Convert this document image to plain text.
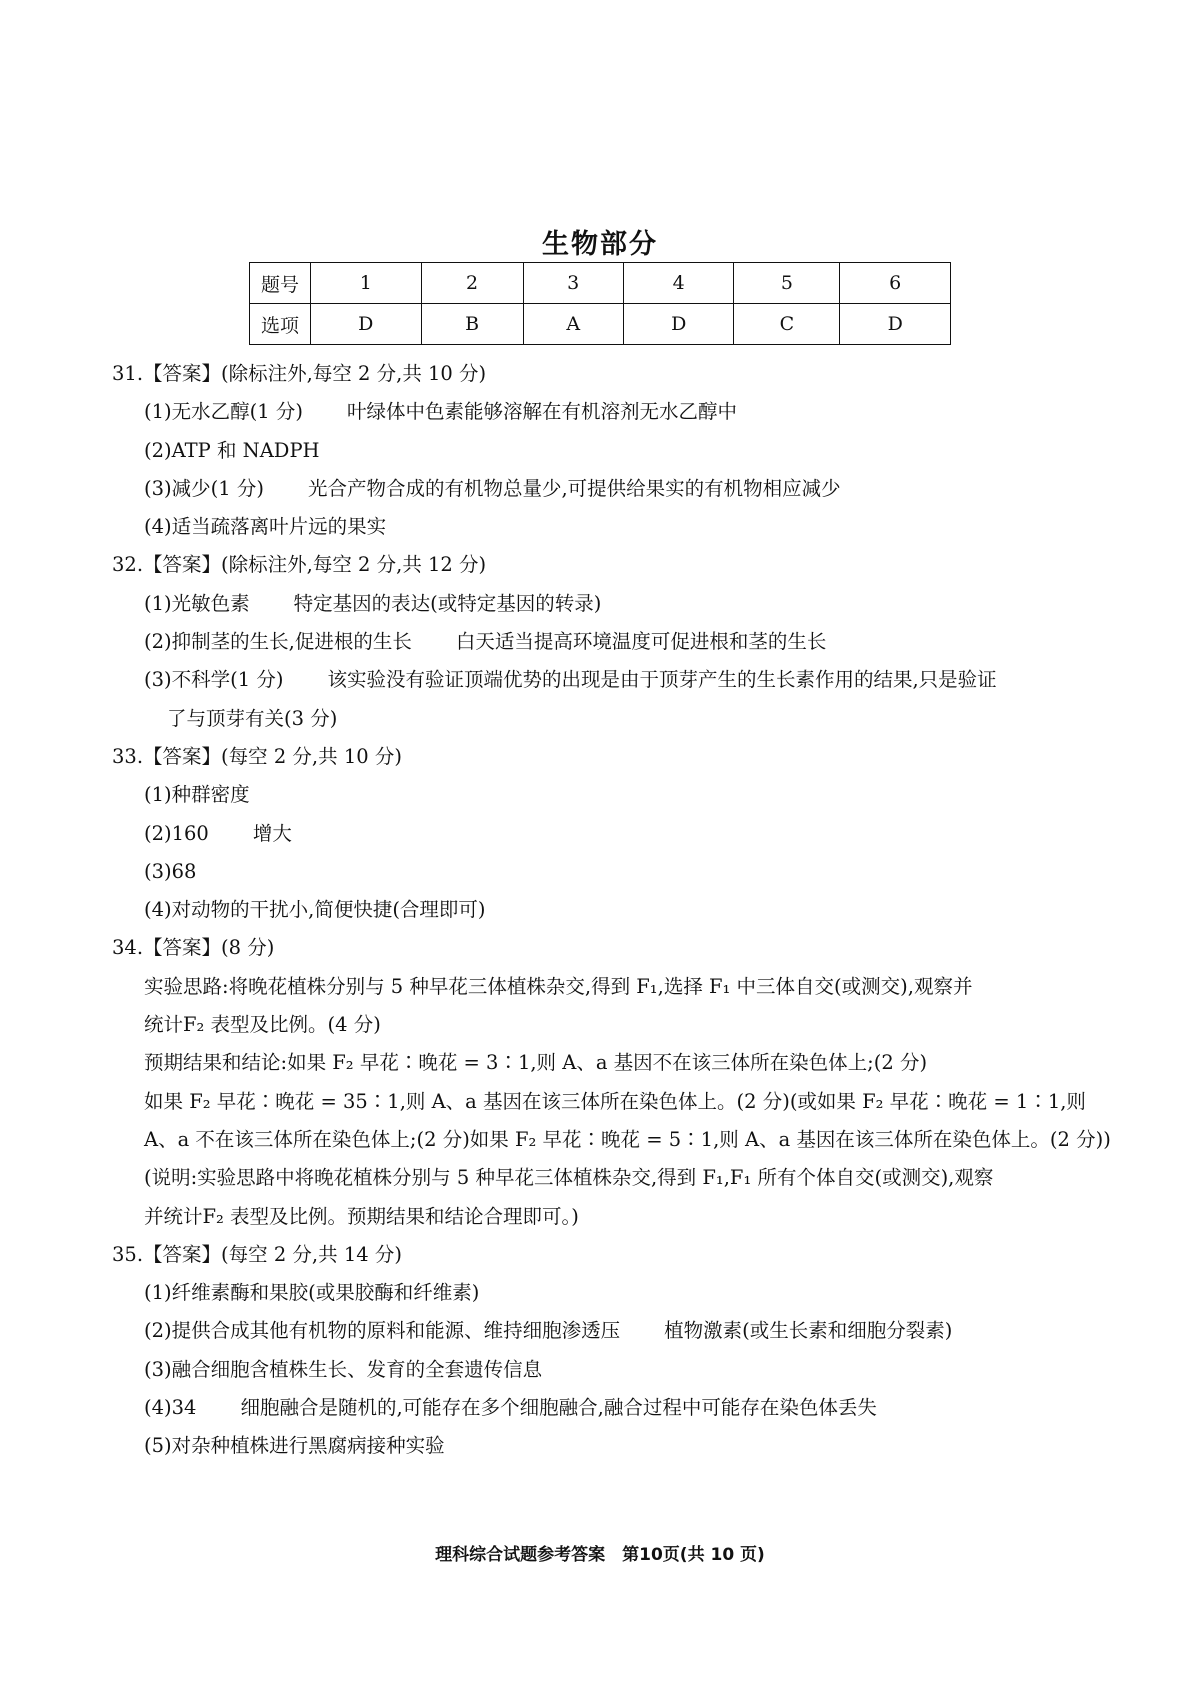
生物部分
题号	1	2	3	4	5	6
选项	D	B	A	D	C	D
31.【答案】(除标注外,每空 2 分,共 10 分)
(1)无水乙醇(1 分) 叶绿体中色素能够溶解在有机溶剂无水乙醇中
(2)ATP 和 NADPH
(3)减少(1 分) 光合产物合成的有机物总量少,可提供给果实的有机物相应减少
(4)适当疏落离叶片远的果实
32.【答案】(除标注外,每空 2 分,共 12 分)
(1)光敏色素 特定基因的表达(或特定基因的转录)
(2)抑制茎的生长,促进根的生长 白天适当提高环境温度可促进根和茎的生长
(3)不科学(1 分) 该实验没有验证顶端优势的出现是由于顶芽产生的生长素作用的结果,只是验证
了与顶芽有关(3 分)
33.【答案】(每空 2 分,共 10 分)
(1)种群密度
(2)160 增大
(3)68
(4)对动物的干扰小,简便快捷(合理即可)
34.【答案】(8 分)
实验思路:将晚花植株分别与 5 种早花三体植株杂交,得到 F₁,选择 F₁ 中三体自交(或测交),观察并
统计F₂ 表型及比例。(4 分)
预期结果和结论:如果 F₂ 早花∶晚花 = 3∶1,则 A、a 基因不在该三体所在染色体上;(2 分)
如果 F₂ 早花∶晚花 = 35∶1,则 A、a 基因在该三体所在染色体上。(2 分)(或如果 F₂ 早花∶晚花 = 1∶1,则
A、a 不在该三体所在染色体上;(2 分)如果 F₂ 早花∶晚花 = 5∶1,则 A、a 基因在该三体所在染色体上。(2 分))
(说明:实验思路中将晚花植株分别与 5 种早花三体植株杂交,得到 F₁,F₁ 所有个体自交(或测交),观察
并统计F₂ 表型及比例。预期结果和结论合理即可。)
35.【答案】(每空 2 分,共 14 分)
(1)纤维素酶和果胶(或果胶酶和纤维素)
(2)提供合成其他有机物的原料和能源、维持细胞渗透压 植物激素(或生长素和细胞分裂素)
(3)融合细胞含植株生长、发育的全套遗传信息
(4)34 细胞融合是随机的,可能存在多个细胞融合,融合过程中可能存在染色体丢失
(5)对杂种植株进行黑腐病接种实验
理科综合试题参考答案　第10页(共 10 页)
